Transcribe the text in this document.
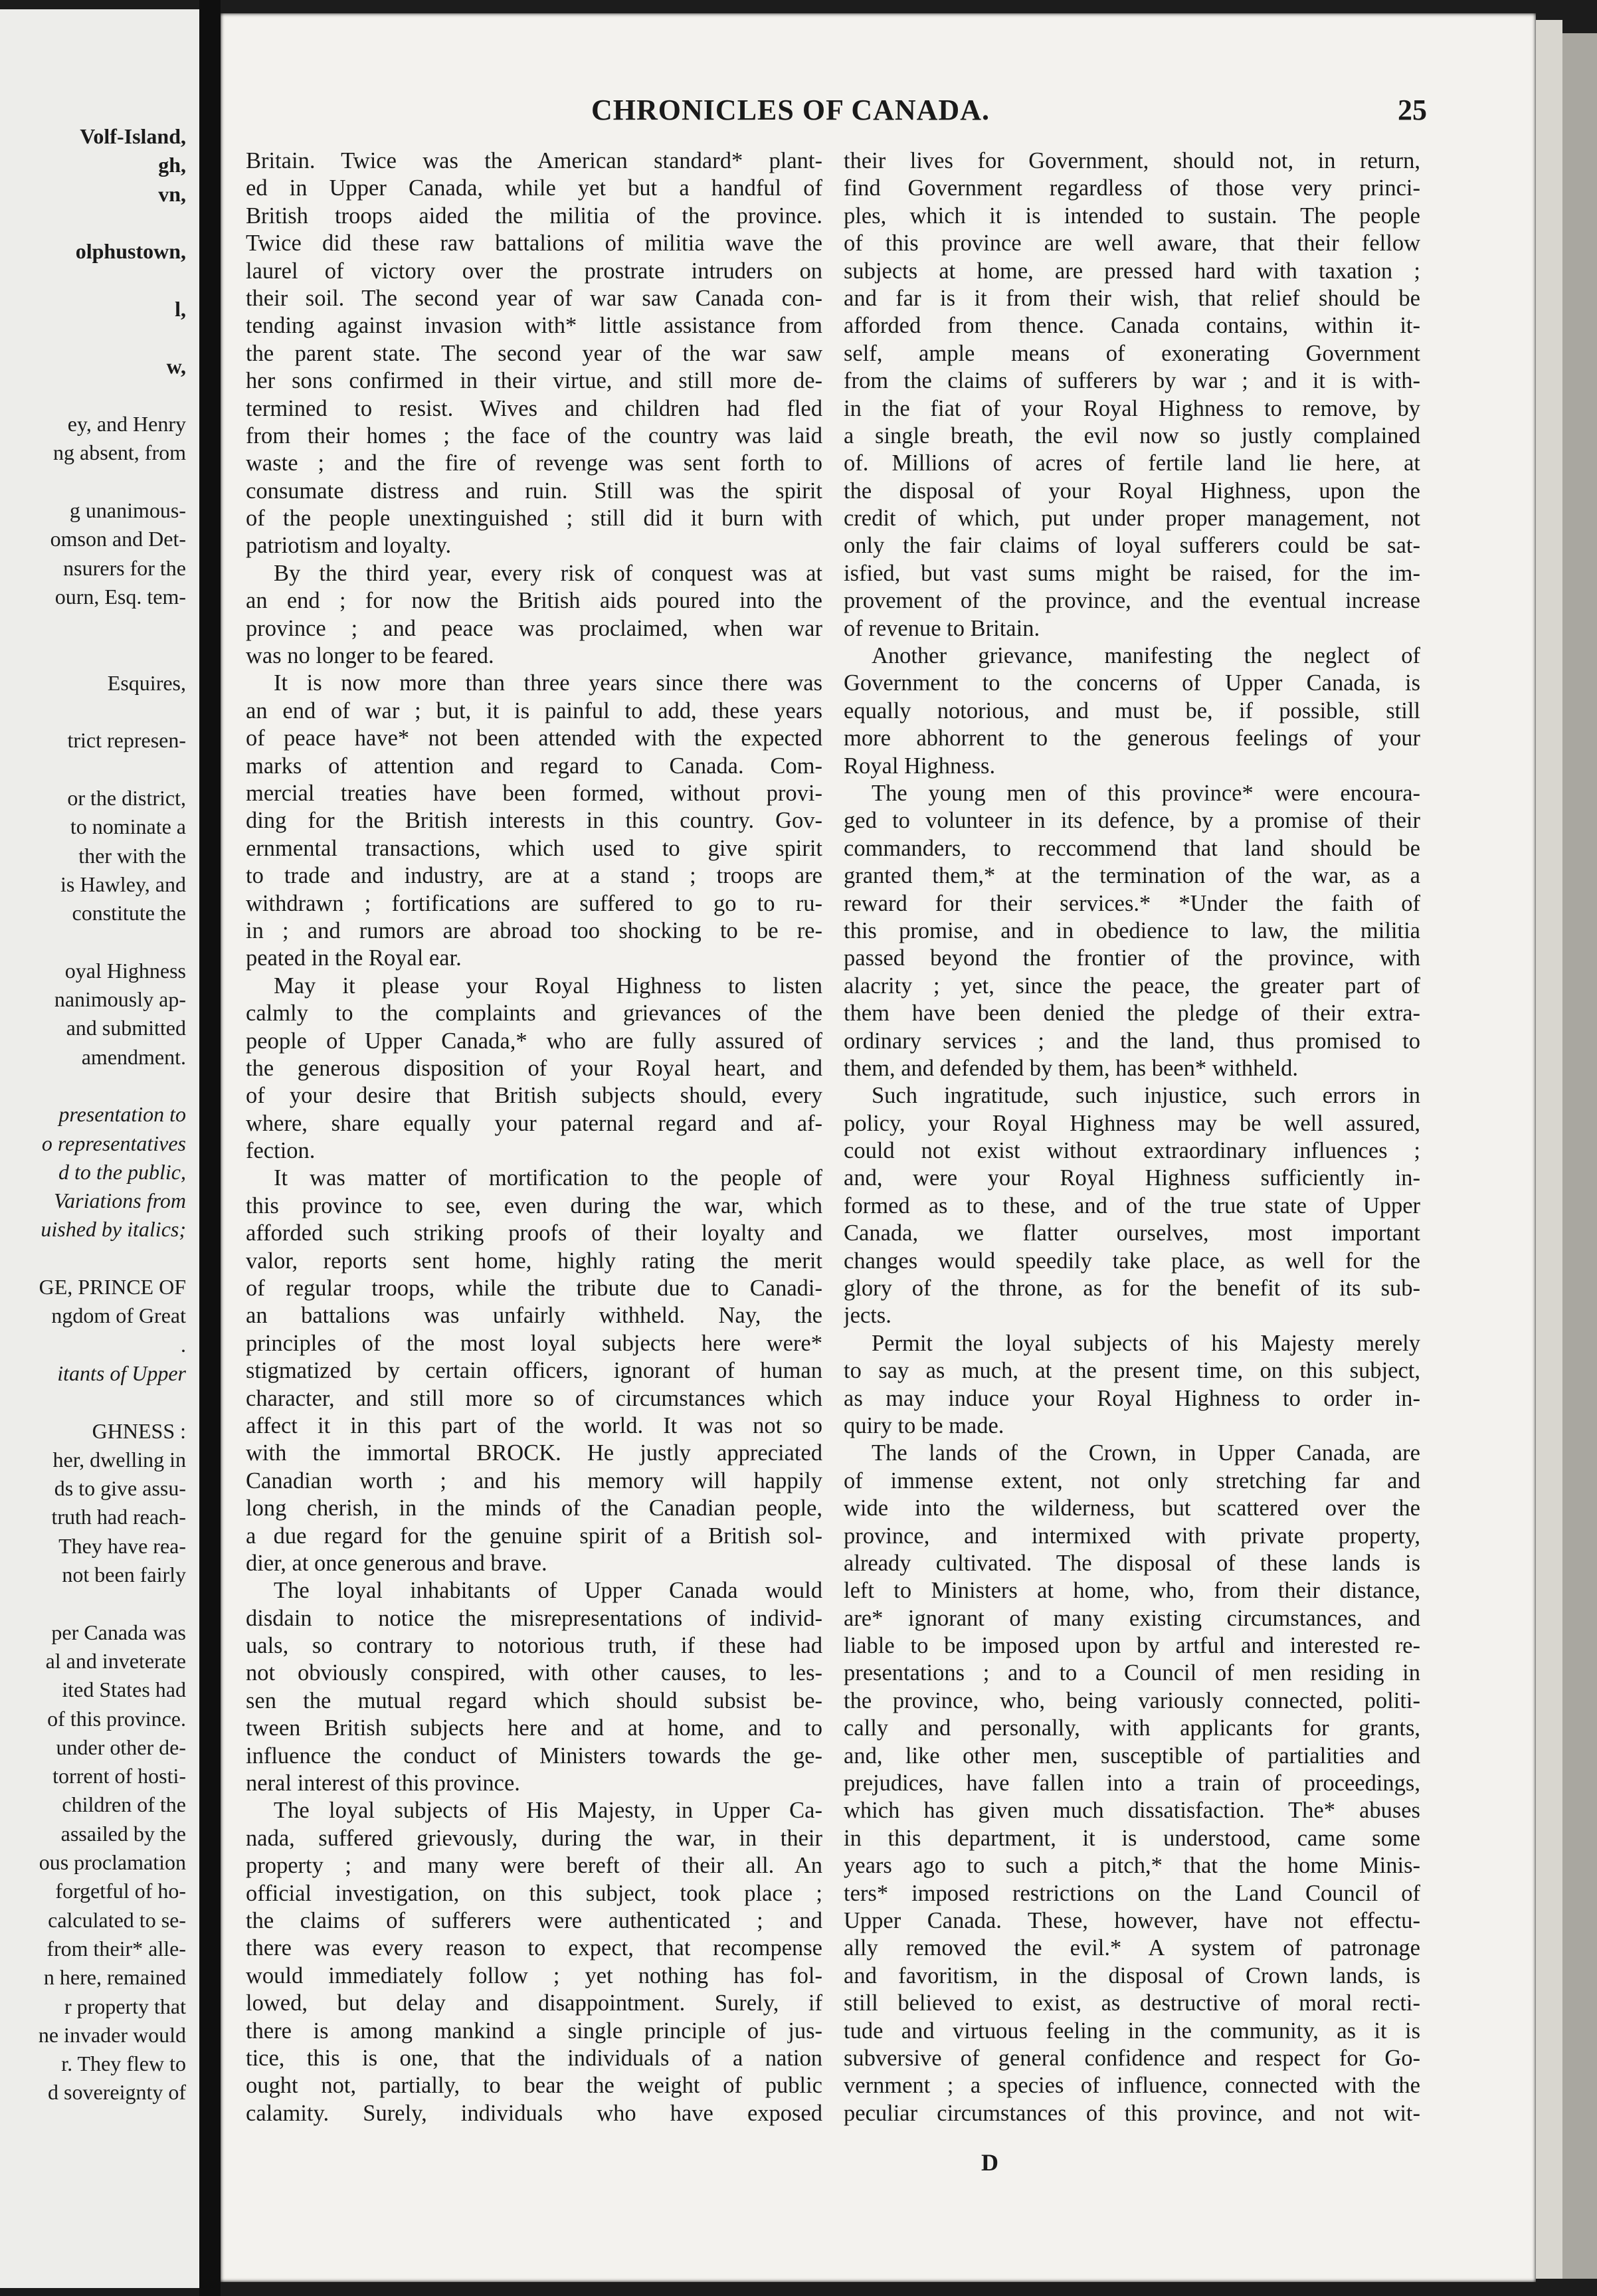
Volf-Island,
gh,
vn,
olphustown,
l,
w,
ey, and Henry
ng absent, from
g unanimous-
omson and Det-
nsurers for the
ourn, Esq. tem-
Esquires,
trict represen-
or the district,
to nominate a
ther with the
is Hawley, and
constitute the
oyal Highness
nanimously ap-
and submitted
amendment.
presentation to
o representatives
d to the public,
Variations from
uished by italics;
GE, PRINCE OF
ngdom of Great
.
itants of Upper
GHNESS :
her, dwelling in
ds to give assu-
truth had reach-
They have rea-
not been fairly
per Canada was
al and inveterate
ited States had
of this province.
under other de-
torrent of hosti-
children of the
assailed by the
ous proclamation
forgetful of ho-
calculated to se-
from their* alle-
n here, remained
r property that
ne invader would
r. They flew to
d sovereignty of
CHRONICLES OF CANADA.	25
Britain. Twice was the American standard* plant-
ed in Upper Canada, while yet but a handful of
British troops aided the militia of the province.
Twice did these raw battalions of militia wave the
laurel of victory over the prostrate intruders on
their soil. The second year of war saw Canada con-
tending against invasion with* little assistance from
the parent state. The second year of the war saw
her sons confirmed in their virtue, and still more de-
termined to resist. Wives and children had fled
from their homes ; the face of the country was laid
waste ; and the fire of revenge was sent forth to
consumate distress and ruin. Still was the spirit
of the people unextinguished ; still did it burn with
patriotism and loyalty.
By the third year, every risk of conquest was at
an end ; for now the British aids poured into the
province ; and peace was proclaimed, when war
was no longer to be feared.
It is now more than three years since there was
an end of war ; but, it is painful to add, these years
of peace have* not been attended with the expected
marks of attention and regard to Canada. Com-
mercial treaties have been formed, without provi-
ding for the British interests in this country. Gov-
ernmental transactions, which used to give spirit
to trade and industry, are at a stand ; troops are
withdrawn ; fortifications are suffered to go to ru-
in ; and rumors are abroad too shocking to be re-
peated in the Royal ear.
May it please your Royal Highness to listen
calmly to the complaints and grievances of the
people of Upper Canada,* who are fully assured of
the generous disposition of your Royal heart, and
of your desire that British subjects should, every
where, share equally your paternal regard and af-
fection.
It was matter of mortification to the people of
this province to see, even during the war, which
afforded such striking proofs of their loyalty and
valor, reports sent home, highly rating the merit
of regular troops, while the tribute due to Canadi-
an battalions was unfairly withheld. Nay, the
principles of the most loyal subjects here were*
stigmatized by certain officers, ignorant of human
character, and still more so of circumstances which
affect it in this part of the world. It was not so
with the immortal BROCK. He justly appreciated
Canadian worth ; and his memory will happily
long cherish, in the minds of the Canadian people,
a due regard for the genuine spirit of a British sol-
dier, at once generous and brave.
The loyal inhabitants of Upper Canada would
disdain to notice the misrepresentations of individ-
uals, so contrary to notorious truth, if these had
not obviously conspired, with other causes, to les-
sen the mutual regard which should subsist be-
tween British subjects here and at home, and to
influence the conduct of Ministers towards the ge-
neral interest of this province.
The loyal subjects of His Majesty, in Upper Ca-
nada, suffered grievously, during the war, in their
property ; and many were bereft of their all. An
official investigation, on this subject, took place ;
the claims of sufferers were authenticated ; and
there was every reason to expect, that recompense
would immediately follow ; yet nothing has fol-
lowed, but delay and disappointment. Surely, if
there is among mankind a single principle of jus-
tice, this is one, that the individuals of a nation
ought not, partially, to bear the weight of public
calamity. Surely, individuals who have exposed
their lives for Government, should not, in return,
find Government regardless of those very princi-
ples, which it is intended to sustain. The people
of this province are well aware, that their fellow
subjects at home, are pressed hard with taxation ;
and far is it from their wish, that relief should be
afforded from thence. Canada contains, within it-
self, ample means of exonerating Government
from the claims of sufferers by war ; and it is with-
in the fiat of your Royal Highness to remove, by
a single breath, the evil now so justly complained
of. Millions of acres of fertile land lie here, at
the disposal of your Royal Highness, upon the
credit of which, put under proper management, not
only the fair claims of loyal sufferers could be sat-
isfied, but vast sums might be raised, for the im-
provement of the province, and the eventual increase
of revenue to Britain.
Another grievance, manifesting the neglect of
Government to the concerns of Upper Canada, is
equally notorious, and must be, if possible, still
more abhorrent to the generous feelings of your
Royal Highness.
The young men of this province* were encoura-
ged to volunteer in its defence, by a promise of their
commanders, to reccommend that land should be
granted them,* at the termination of the war, as a
reward for their services.* *Under the faith of
this promise, and in obedience to law, the militia
passed beyond the frontier of the province, with
alacrity ; yet, since the peace, the greater part of
them have been denied the pledge of their extra-
ordinary services ; and the land, thus promised to
them, and defended by them, has been* withheld.
Such ingratitude, such injustice, such errors in
policy, your Royal Highness may be well assured,
could not exist without extraordinary influences ;
and, were your Royal Highness sufficiently in-
formed as to these, and of the true state of Upper
Canada, we flatter ourselves, most important
changes would speedily take place, as well for the
glory of the throne, as for the benefit of its sub-
jects.
Permit the loyal subjects of his Majesty merely
to say as much, at the present time, on this subject,
as may induce your Royal Highness to order in-
quiry to be made.
The lands of the Crown, in Upper Canada, are
of immense extent, not only stretching far and
wide into the wilderness, but scattered over the
province, and intermixed with private property,
already cultivated. The disposal of these lands is
left to Ministers at home, who, from their distance,
are* ignorant of many existing circumstances, and
liable to be imposed upon by artful and interested re-
presentations ; and to a Council of men residing in
the province, who, being variously connected, politi-
cally and personally, with applicants for grants,
and, like other men, susceptible of partialities and
prejudices, have fallen into a train of proceedings,
which has given much dissatisfaction. The* abuses
in this department, it is understood, came some
years ago to such a pitch,* that the home Minis-
ters* imposed restrictions on the Land Council of
Upper Canada. These, however, have not effectu-
ally removed the evil.* A system of patronage
and favoritism, in the disposal of Crown lands, is
still believed to exist, as destructive of moral recti-
tude and virtuous feeling in the community, as it is
subversive of general confidence and respect for Go-
vernment ; a species of influence, connected with the
peculiar circumstances of this province, and not wit-
D
